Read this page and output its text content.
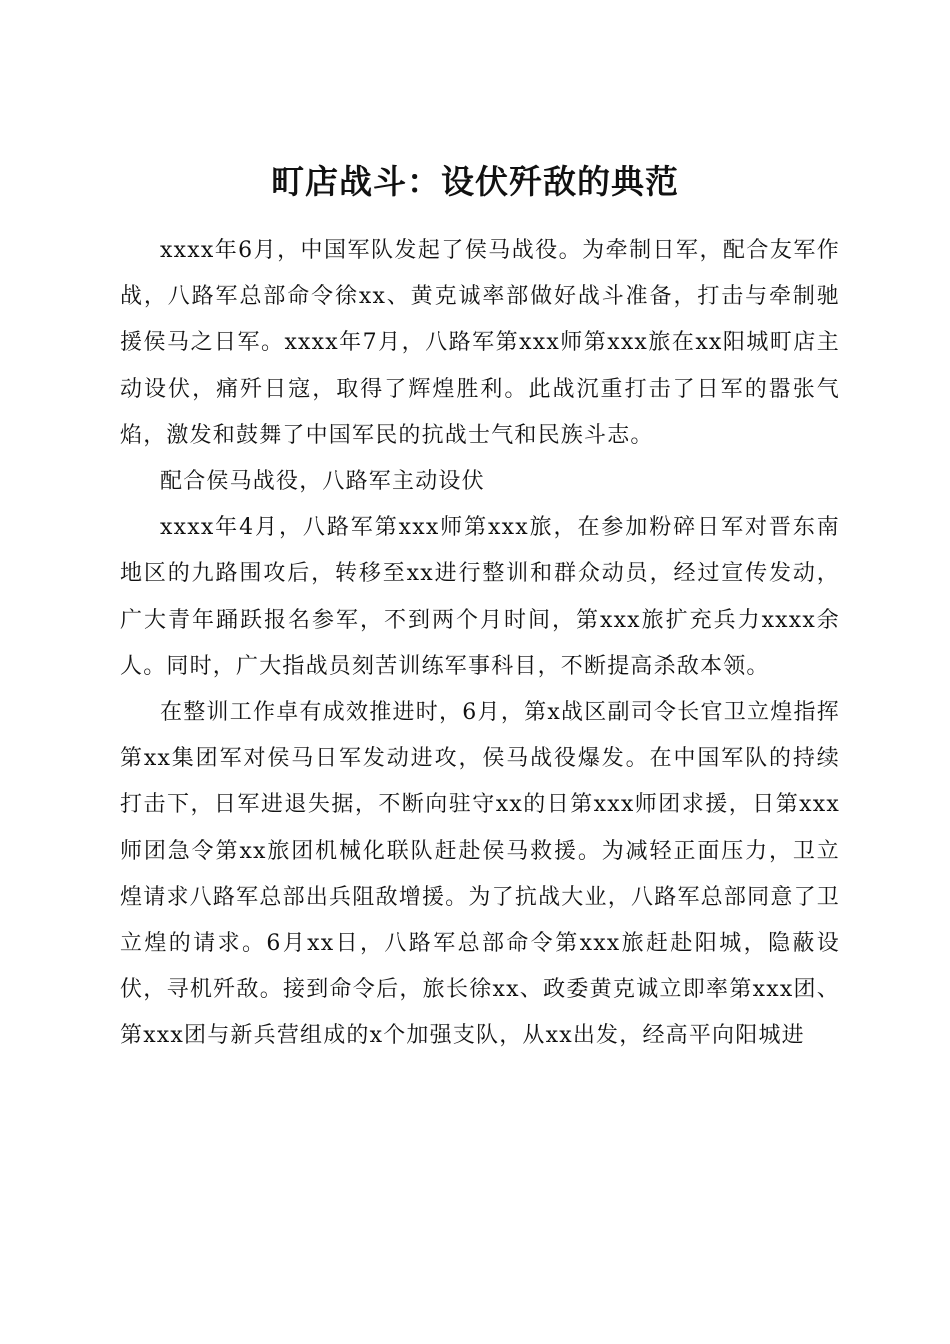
町店战斗：设伏歼敌的典范

xxxx年6月，中国军队发起了侯马战役。为牵制日军，配合友军作战，八路军总部命令徐xx、黄克诚率部做好战斗准备，打击与牵制驰援侯马之日军。xxxx年7月，八路军第xxx师第xxx旅在xx阳城町店主动设伏，痛歼日寇，取得了辉煌胜利。此战沉重打击了日军的嚣张气焰，激发和鼓舞了中国军民的抗战士气和民族斗志。

配合侯马战役，八路军主动设伏

xxxx年4月，八路军第xxx师第xxx旅，在参加粉碎日军对晋东南地区的九路围攻后，转移至xx进行整训和群众动员，经过宣传发动，广大青年踊跃报名参军，不到两个月时间，第xxx旅扩充兵力xxxx余人。同时，广大指战员刻苦训练军事科目，不断提高杀敌本领。

在整训工作卓有成效推进时，6月，第x战区副司令长官卫立煌指挥第xx集团军对侯马日军发动进攻，侯马战役爆发。在中国军队的持续打击下，日军进退失据，不断向驻守xx的日第xxx师团求援，日第xxx师团急令第xx旅团机械化联队赶赴侯马救援。为减轻正面压力，卫立煌请求八路军总部出兵阻敌增援。为了抗战大业，八路军总部同意了卫立煌的请求。6月xx日，八路军总部命令第xxx旅赶赴阳城，隐蔽设伏，寻机歼敌。接到命令后，旅长徐xx、政委黄克诚立即率第xxx团、第xxx团与新兵营组成的x个加强支队，从xx出发，经高平向阳城进
